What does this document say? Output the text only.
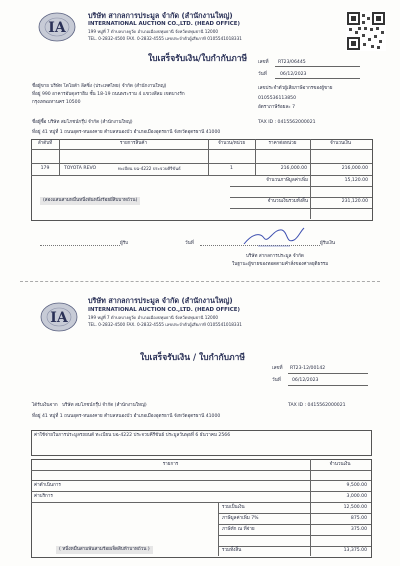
IA
บริษัท สากลการประมูล จำกัด (สำนักงานใหญ่)
INTERNATIONAL AUCTION CO.,LTD. (HEAD OFFICE)
199 หมู่ที่ 7 ตำบลบางคูวัด อำเภอเมืองปทุมธานี จังหวัดปทุมธานี 12000
TEL. 0-2832-4500 FAX. 0-2832-4555 เลขประจำตัวผู้เสียภาษี 0105541018331
ใบเสร็จรับเงิน/ใบกำกับภาษี เลขที่ RT23/06445
วันที่	06/12/2023
ชื่อผู้ขาย บริษัท โตโยต้า ลีสซิ่ง (ประเทศไทย) จำกัด (สำนักงานใหญ่)
ที่อยู่ 990 อาคารอับดุลราฮิม ชั้น 18-19 ถนนพระราม 4 แขวงสีลม เขตบางรัก
กรุงเทพมหานคร 10500
เลขประจำตัวผู้เสียภาษีอากรของผู้ขาย
0105536113850
อัตราภาษีร้อยละ 7
ชื่อผู้ซื้อ บริษัท สมโภชน์กรุ๊ป จำกัด (สำนักงานใหญ่)	TAX ID : 0415562000021
ที่อยู่ 41 หมู่ที่ 1 ถนนอุดร-หนองคาย ตำบลหนองบัว อำเภอเมืองอุดรธานี จังหวัดอุดรธานี 41000
ลำดับที่	รายการสินค้า	จำนวน/หน่วย	ราคาต่อหน่วย	จำนวนเงิน
179	TOYOTA REVO	ทะเบียน บฉ-4222 ประจวบคีรีขันธ์	1	216,000.00	216,000.00
จำนวนภาษีมูลค่าเพิ่ม	15,120.00
(สองแสนสามหมื่นหนึ่งพันหนึ่งร้อยยี่สิบบาทถ้วน)	จำนวนเงินรวมทั้งสิ้น	231,120.00
ผู้รับ	วันที่	ผู้รับเงิน
บริษัท สากลการประมูล จำกัด
ในฐานะผู้ขายของทอดตามคำสั่งของศาลยุติธรรม
IA
บริษัท สากลการประมูล จำกัด (สำนักงานใหญ่)
INTERNATIONAL AUCTION CO.,LTD. (HEAD OFFICE)
199 หมู่ที่ 7 ตำบลบางคูวัด อำเภอเมืองปทุมธานี จังหวัดปทุมธานี 12000
TEL. 0-2832-4500 FAX. 0-2832-4555 เลขประจำตัวผู้เสียภาษี 0105541018331
ใบเสร็จรับเงิน / ใบกำกับภาษี
เลขที่ RT23-12/00142
วันที่ 06/12/2023
ได้รับเงินจาก บริษัท สมโภชน์กรุ๊ป จำกัด (สำนักงานใหญ่)	TAX ID : 0415562000021
ที่อยู่ 41 หมู่ที่ 1 ถนนอุดร-หนองคาย ตำบลหนองบัว อำเภอเมืองอุดรธานี จังหวัดอุดรธานี 41000
ค่าใช้จ่ายในการประมูลรถยนต์ ทะเบียน บฉ-4222 ประจวบคีรีขันธ์ ประมูลวันพุธที่ 6 ธันวาคม 2566
รายการ	จำนวนเงิน
ค่าดำเนินการ	9,500.00
ค่าบริการ	3,000.00
รวมเป็นเงิน	12,500.00
ภาษีมูลค่าเพิ่ม 7%	875.00
ภาษีหัก ณ ที่จ่าย	375.00
( หนึ่งหมื่นสามพันสามร้อยเจ็ดสิบห้าบาทถ้วน )	รวมทั้งสิ้น	13,375.00
